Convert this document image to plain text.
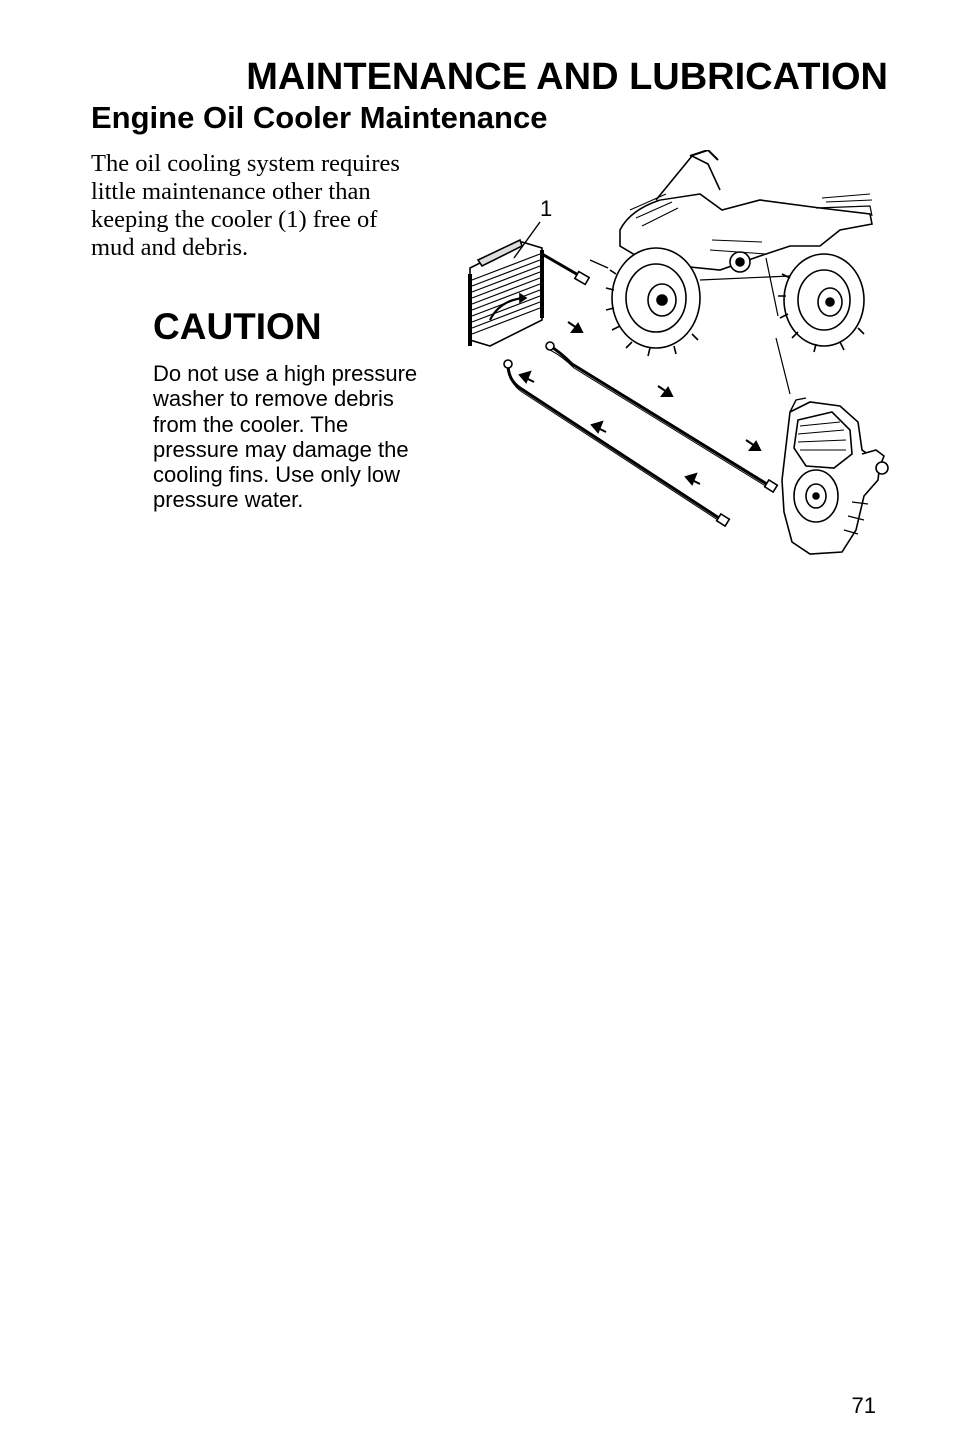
MAINTENANCE AND LUBRICATION
Engine Oil Cooler Maintenance

The oil cooling system requires little maintenance other than keeping the cooler (1) free of mud and debris.

CAUTION

Do not use a high pressure washer to remove debris from the cooler. The pressure may damage the cooling fins. Use only low pressure water.

1
71
